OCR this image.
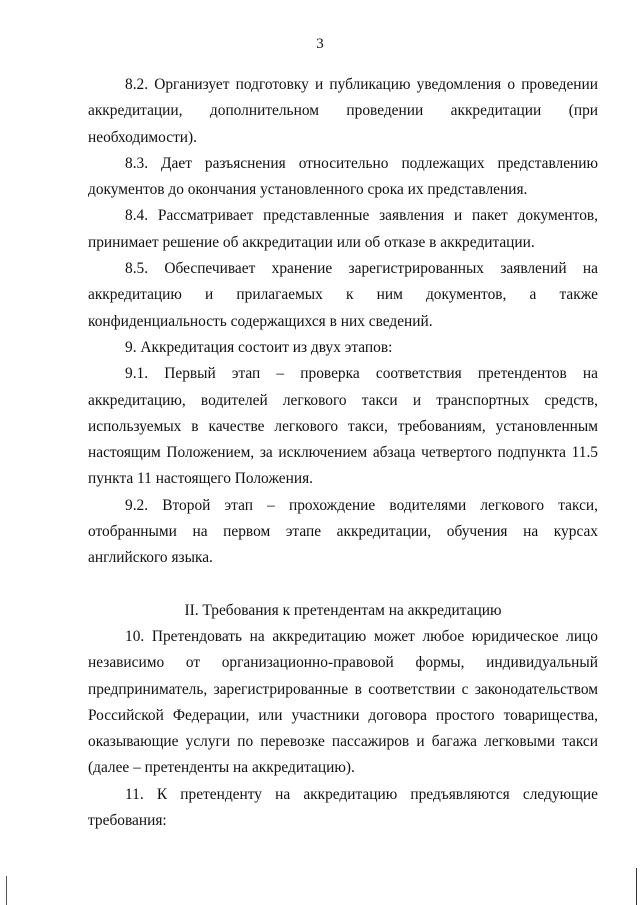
3

8.2. Организует подготовку и публикацию уведомления о проведении аккредитации, дополнительном проведении аккредитации (при необходимости).

8.3. Дает разъяснения относительно подлежащих представлению документов до окончания установленного срока их представления.

8.4. Рассматривает представленные заявления и пакет документов, принимает решение об аккредитации или об отказе в аккредитации.

8.5. Обеспечивает хранение зарегистрированных заявлений на аккредитацию и прилагаемых к ним документов, а также конфиденциальность содержащихся в них сведений.

9. Аккредитация состоит из двух этапов:

9.1. Первый этап – проверка соответствия претендентов на аккредитацию, водителей легкового такси и транспортных средств, используемых в качестве легкового такси, требованиям, установленным настоящим Положением, за исключением абзаца четвертого подпункта 11.5 пункта 11 настоящего Положения.

9.2. Второй этап – прохождение водителями легкового такси, отобранными на первом этапе аккредитации, обучения на курсах английского языка.

II. Требования к претендентам на аккредитацию

10. Претендовать на аккредитацию может любое юридическое лицо независимо от организационно-правовой формы, индивидуальный предприниматель, зарегистрированные в соответствии с законодательством Российской Федерации, или участники договора простого товарищества, оказывающие услуги по перевозке пассажиров и багажа легковыми такси (далее – претенденты на аккредитацию).

11. К претенденту на аккредитацию предъявляются следующие требования:
